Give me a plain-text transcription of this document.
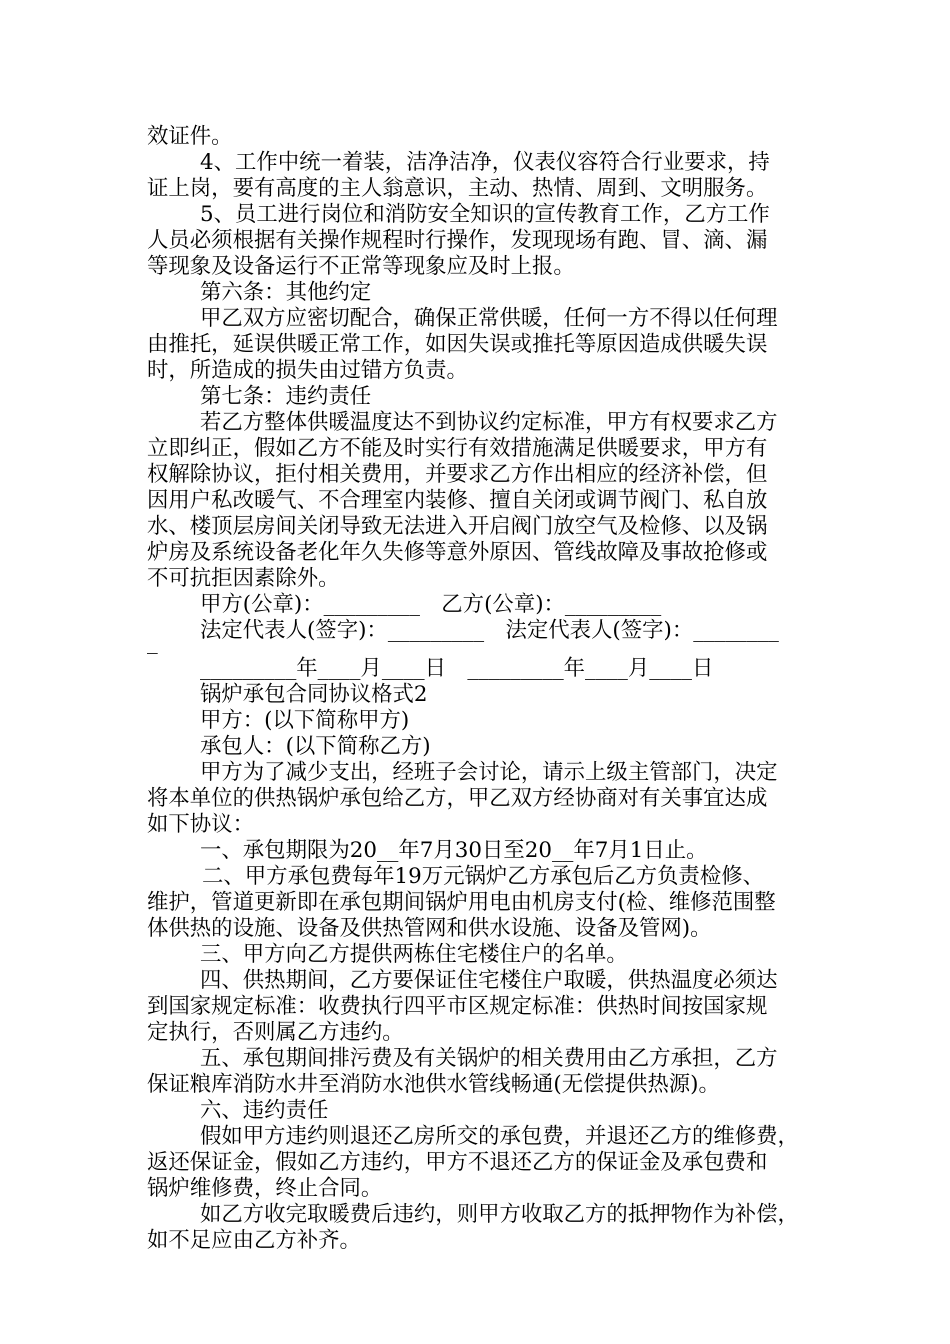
效证件。
4、工作中统一着装，洁净洁净，仪表仪容符合行业要求，持
证上岗，要有高度的主人翁意识，主动、热情、周到、文明服务。
5、员工进行岗位和消防安全知识的宣传教育工作，乙方工作
人员必须根据有关操作规程时行操作，发现现场有跑、冒、滴、漏
等现象及设备运行不正常等现象应及时上报。
第六条：其他约定
甲乙双方应密切配合，确保正常供暖，任何一方不得以任何理
由推托，延误供暖正常工作，如因失误或推托等原因造成供暖失误
时，所造成的损失由过错方负责。
第七条：违约责任
若乙方整体供暖温度达不到协议约定标准，甲方有权要求乙方
立即纠正，假如乙方不能及时实行有效措施满足供暖要求，甲方有
权解除协议，拒付相关费用，并要求乙方作出相应的经济补偿，但
因用户私改暖气、不合理室内装修、擅自关闭或调节阀门、私自放
水、楼顶层房间关闭导致无法进入开启阀门放空气及检修、以及锅
炉房及系统设备老化年久失修等意外原因、管线故障及事故抢修或
不可抗拒因素除外。
甲方(公章)：_________　乙方(公章)：_________
法定代表人(签字)：_________　法定代表人(签字)：________
_
_________年____月____日　_________年____月____日
锅炉承包合同协议格式2
甲方：(以下简称甲方)
承包人：(以下简称乙方)
甲方为了减少支出，经班子会讨论，请示上级主管部门，决定
将本单位的供热锅炉承包给乙方，甲乙双方经协商对有关事宜达成
如下协议：
一、承包期限为20__年7月30日至20__年7月1日止。
二、甲方承包费每年19万元锅炉乙方承包后乙方负责检修、
维护，管道更新即在承包期间锅炉用电由机房支付(检、维修范围整
体供热的设施、设备及供热管网和供水设施、设备及管网)。
三、甲方向乙方提供两栋住宅楼住户的名单。
四、供热期间，乙方要保证住宅楼住户取暖，供热温度必须达
到国家规定标准：收费执行四平市区规定标准：供热时间按国家规
定执行，否则属乙方违约。
五、承包期间排污费及有关锅炉的相关费用由乙方承担，乙方
保证粮库消防水井至消防水池供水管线畅通(无偿提供热源)。
六、违约责任
假如甲方违约则退还乙房所交的承包费，并退还乙方的维修费，
返还保证金，假如乙方违约，甲方不退还乙方的保证金及承包费和
锅炉维修费，终止合同。
如乙方收完取暖费后违约，则甲方收取乙方的抵押物作为补偿，
如不足应由乙方补齐。
